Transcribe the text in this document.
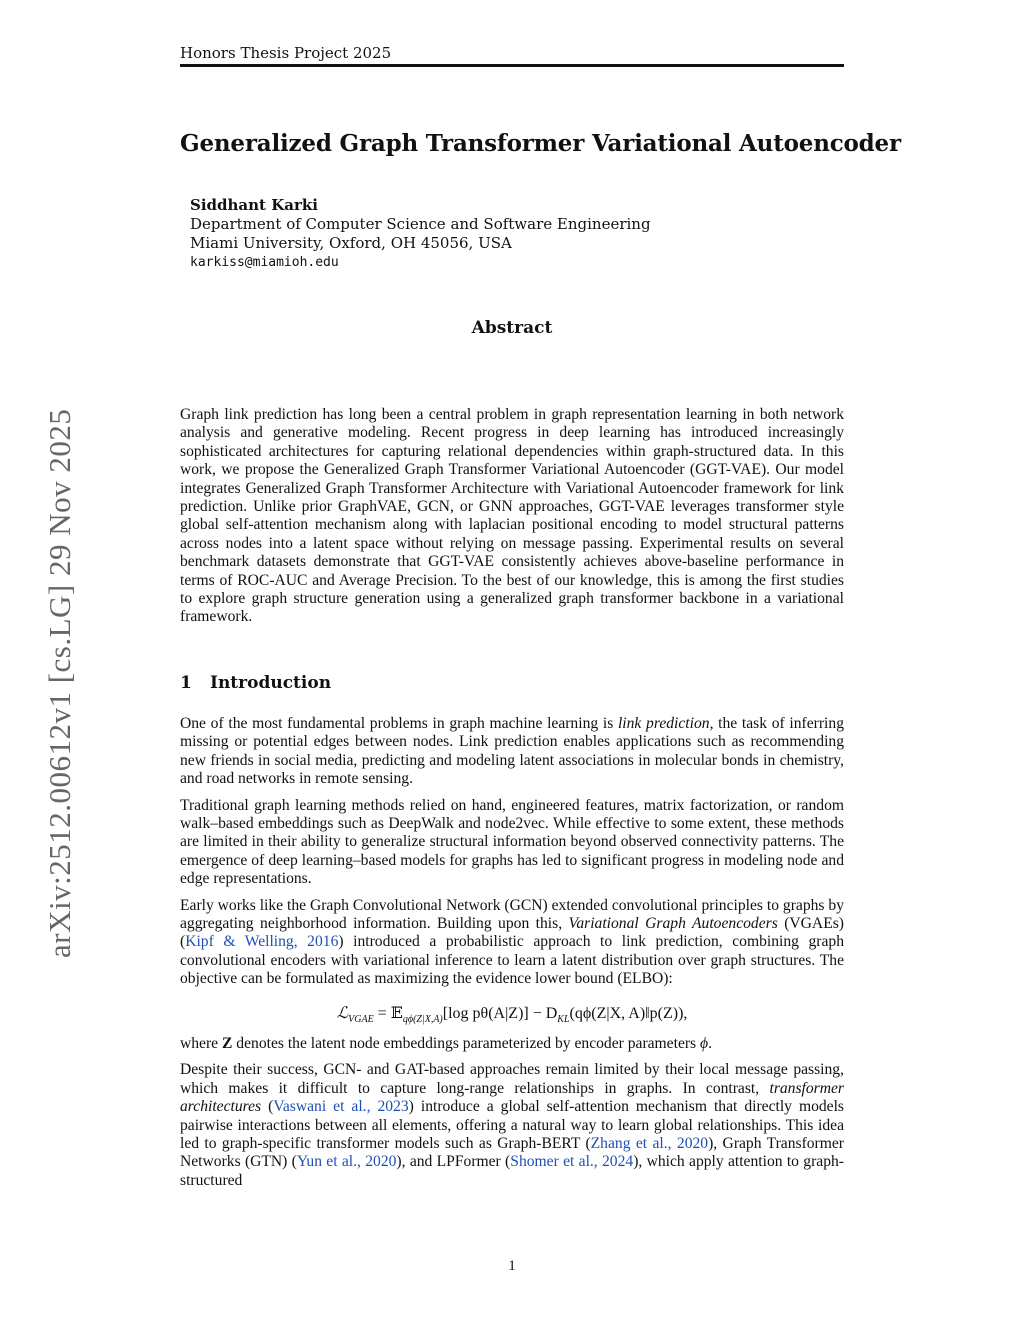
Honors Thesis Project 2025
Generalized Graph Transformer Variational Autoencoder
Siddhant Karki
Department of Computer Science and Software Engineering
Miami University, Oxford, OH 45056, USA
karkiss@miamioh.edu
arXiv:2512.00612v1 [cs.LG] 29 Nov 2025
Abstract

Graph link prediction has long been a central problem in graph representation learning in both network analysis and generative modeling. Recent progress in deep learning has introduced increasingly sophisticated architectures for capturing relational dependencies within graph-structured data. In this work, we propose the Generalized Graph Transformer Variational Autoencoder (GGT-VAE). Our model integrates Generalized Graph Transformer Architecture with Variational Autoencoder framework for link prediction. Unlike prior GraphVAE, GCN, or GNN approaches, GGT-VAE leverages transformer style global self-attention mechanism along with laplacian positional encoding to model structural patterns across nodes into a latent space without relying on message passing. Experimental results on several benchmark datasets demonstrate that GGT-VAE consistently achieves above-baseline performance in terms of ROC-AUC and Average Precision. To the best of our knowledge, this is among the first studies to explore graph structure generation using a generalized graph transformer backbone in a variational framework.

1 Introduction

One of the most fundamental problems in graph machine learning is link prediction, the task of inferring missing or potential edges between nodes. Link prediction enables applications such as recommending new friends in social media, predicting and modeling latent associations in molecular bonds in chemistry, and road networks in remote sensing.

Traditional graph learning methods relied on hand, engineered features, matrix factorization, or random walk–based embeddings such as DeepWalk and node2vec. While effective to some extent, these methods are limited in their ability to generalize structural information beyond observed connectivity patterns. The emergence of deep learning–based models for graphs has led to significant progress in modeling node and edge representations.

Early works like the Graph Convolutional Network (GCN) extended convolutional principles to graphs by aggregating neighborhood information. Building upon this, Variational Graph Autoencoders (VGAEs) (Kipf & Welling, 2016) introduced a probabilistic approach to link prediction, combining graph convolutional encoders with variational inference to learn a latent distribution over graph structures. The objective can be formulated as maximizing the evidence lower bound (ELBO):

ℒ$_{VGAE}$ = 𝔼$_{q\phi(Z|X,A)}$[log $p\theta(A|Z)] - D_{KL}(q\phi(Z|X$, A)‖p(Z)),

where Z denotes the latent node embeddings parameterized by encoder parameters ϕ.

Despite their success, GCN- and GAT-based approaches remain limited by their local message passing, which makes it difficult to capture long-range relationships in graphs. In contrast, transformer architectures (Vaswani et al., 2023) introduce a global self-attention mechanism that directly models pairwise interactions between all elements, offering a natural way to learn global relationships. This idea led to graph-specific transformer models such as Graph-BERT (Zhang et al., 2020), Graph Transformer Networks (GTN) (Yun et al., 2020), and LPFormer (Shomer et al., 2024), which apply attention to graph-structured

1
